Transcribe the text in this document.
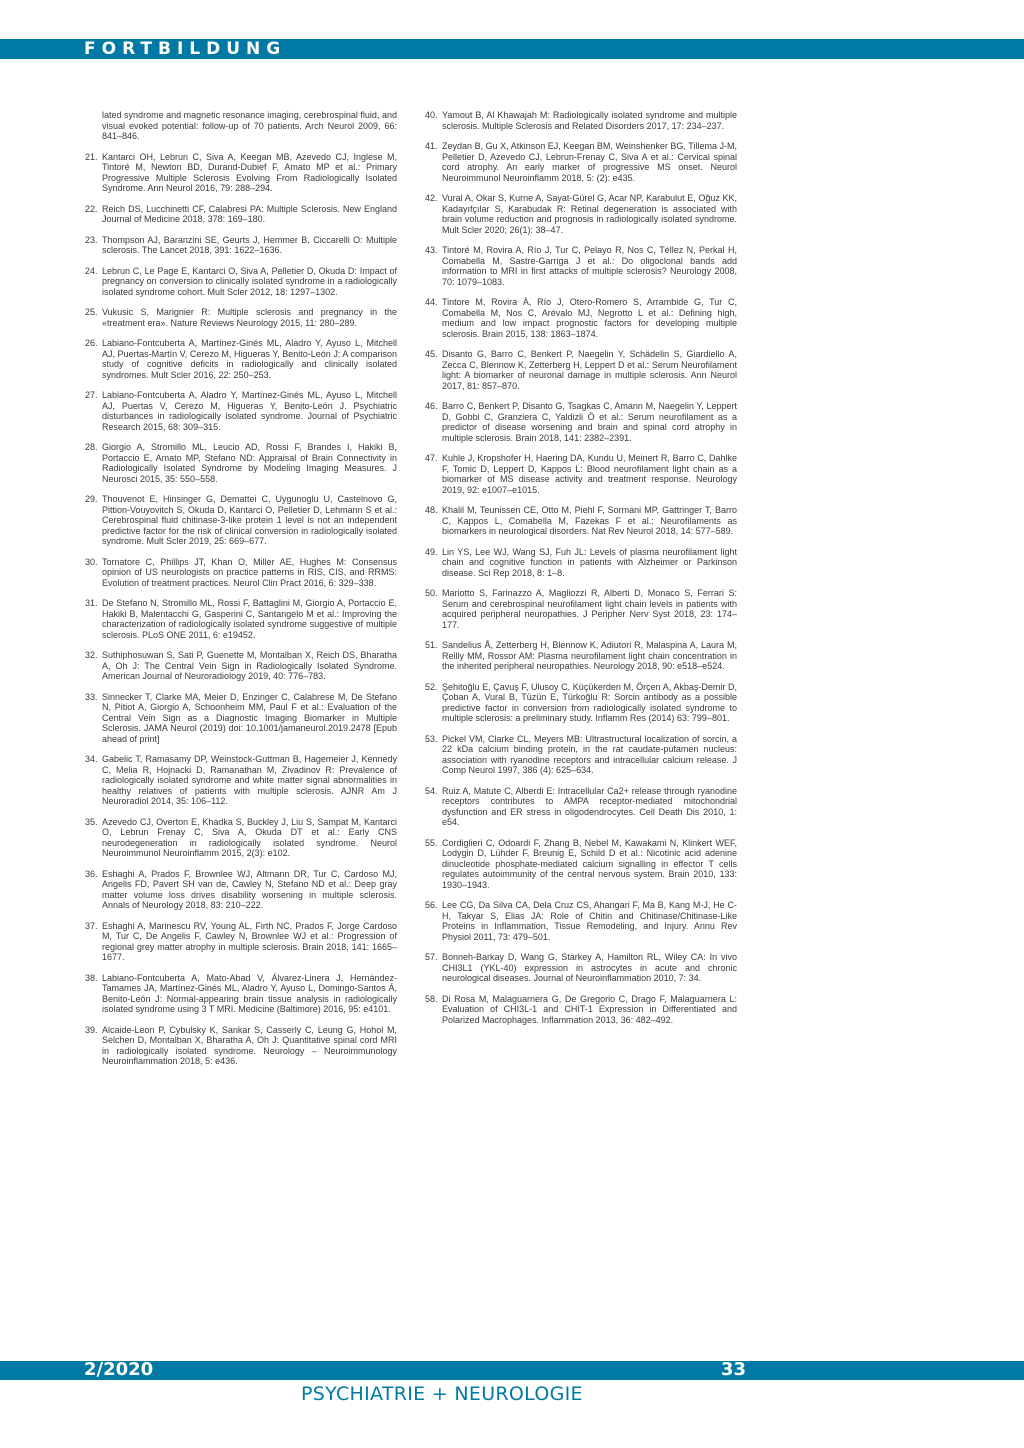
FORTBILDUNG
lated syndrome and magnetic resonance imaging, cerebrospinal fluid, and visual evoked potential: follow-up of 70 patients. Arch Neurol 2009, 66: 841–846.
21. Kantarci OH, Lebrun C, Siva A, Keegan MB, Azevedo CJ, Inglese M, Tintoré M, Newton BD, Durand-Dubief F, Amato MP et al.: Primary Progressive Multiple Sclerosis Evolving From Radiologically Isolated Syndrome. Ann Neurol 2016, 79: 288–294.
22. Reich DS, Lucchinetti CF, Calabresi PA: Multiple Sclerosis. New England Journal of Medicine 2018, 378: 169–180.
23. Thompson AJ, Baranzini SE, Geurts J, Hemmer B, Ciccarelli O: Multiple sclerosis. The Lancet 2018, 391: 1622–1636.
24. Lebrun C, Le Page E, Kantarci O, Siva A, Pelletier D, Okuda D: Impact of pregnancy on conversion to clinically isolated syndrome in a radiologically isolated syndrome cohort. Mult Scler 2012, 18: 1297–1302.
25. Vukusic S, Marignier R: Multiple sclerosis and pregnancy in the «treatment era». Nature Reviews Neurology 2015, 11: 280–289.
26. Labiano-Fontcuberta A, Martínez-Ginés ML, Aladro Y, Ayuso L, Mitchell AJ, Puertas-Martín V, Cerezo M, Higueras Y, Benito-León J: A comparison study of cognitive deficits in radiologically and clinically isolated syndromes. Mult Scler 2016, 22: 250–253.
27. Labiano-Fontcuberta A, Aladro Y, Martínez-Ginés ML, Ayuso L, Mitchell AJ, Puertas V, Cerezo M, Higueras Y, Benito-León J. Psychiatric disturbances in radiologically isolated syndrome. Journal of Psychiatric Research 2015, 68: 309–315.
28. Giorgio A, Stromillo ML, Leucio AD, Rossi F, Brandes I, Hakiki B, Portaccio E, Amato MP, Stefano ND: Appraisal of Brain Connectivity in Radiologically Isolated Syndrome by Modeling Imaging Measures. J Neurosci 2015, 35: 550–558.
29. Thouvenot E, Hinsinger G, Demattei C, Uygunoglu U, Castelnovo G, Pittion-Vouyovitch S, Okuda D, Kantarci O, Pelletier D, Lehmann S et al.: Cerebrospinal fluid chitinase-3-like protein 1 level is not an independent predictive factor for the risk of clinical conversion in radiologically isolated syndrome. Mult Scler 2019, 25: 669–677.
30. Tornatore C, Phillips JT, Khan O, Miller AE, Hughes M: Consensus opinion of US neurologists on practice patterns in RIS, CIS, and RRMS: Evolution of treatment practices. Neurol Clin Pract 2016, 6: 329–338.
31. De Stefano N, Stromillo ML, Rossi F, Battaglini M, Giorgio A, Portaccio E, Hakiki B, Malentacchi G, Gasperini C, Santangelo M et al.: Improving the characterization of radiologically isolated syndrome suggestive of multiple sclerosis. PLoS ONE 2011, 6: e19452.
32. Suthiphosuwan S, Sati P, Guenette M, Montalban X, Reich DS, Bharatha A, Oh J: The Central Vein Sign in Radiologically Isolated Syndrome. American Journal of Neuroradiology 2019, 40: 776–783.
33. Sinnecker T, Clarke MA, Meier D, Enzinger C, Calabrese M, De Stefano N, Pitiot A, Giorgio A, Schoonheim MM, Paul F et al.: Evaluation of the Central Vein Sign as a Diagnostic Imaging Biomarker in Multiple Sclerosis. JAMA Neurol (2019) doi: 10.1001/jamaneurol.2019.2478 [Epub ahead of print]
34. Gabelic T, Ramasamy DP, Weinstock-Guttman B, Hagemeier J, Kennedy C, Melia R, Hojnacki D, Ramanathan M, Zivadinov R: Prevalence of radiologically isolated syndrome and white matter signal abnormalities in healthy relatives of patients with multiple sclerosis. AJNR Am J Neuroradiol 2014, 35: 106–112.
35. Azevedo CJ, Overton E, Khadka S, Buckley J, Liu S, Sampat M, Kantarci O, Lebrun Frenay C, Siva A, Okuda DT et al.: Early CNS neurodegeneration in radiologically isolated syndrome. Neurol Neuroimmunol Neuroinflamm 2015, 2(3): e102.
36. Eshaghi A, Prados F, Brownlee WJ, Altmann DR, Tur C, Cardoso MJ, Angelis FD, Pavert SH van de, Cawley N, Stefano ND et al.: Deep gray matter volume loss drives disability worsening in multiple sclerosis. Annals of Neurology 2018, 83: 210–222.
37. Eshaghi A, Marinescu RV, Young AL, Firth NC, Prados F, Jorge Cardoso M, Tur C, De Angelis F, Cawley N, Brownlee WJ et al.: Progression of regional grey matter atrophy in multiple sclerosis. Brain 2018, 141: 1665–1677.
38. Labiano-Fontcuberta A, Mato-Abad V, Álvarez-Linera J, Hernández-Tamames JA, Martínez-Ginés ML, Aladro Y, Ayuso L, Domingo-Santos Á, Benito-León J: Normal-appearing brain tissue analysis in radiologically isolated syndrome using 3 T MRI. Medicine (Baltimore) 2016, 95: e4101.
39. Alcaide-Leon P, Cybulsky K, Sankar S, Casserly C, Leung G, Hohol M, Selchen D, Montalban X, Bharatha A, Oh J: Quantitative spinal cord MRI in radiologically isolated syndrome. Neurology – Neuroimmunology Neuroinflammation 2018, 5: e436.
40. Yamout B, Al Khawajah M: Radiologically isolated syndrome and multiple sclerosis. Multiple Sclerosis and Related Disorders 2017, 17: 234–237.
41. Zeydan B, Gu X, Atkinson EJ, Keegan BM, Weinshenker BG, Tillema J-M, Pelletier D, Azevedo CJ, Lebrun-Frenay C, Siva A et al.: Cervical spinal cord atrophy. An early marker of progressive MS onset. Neurol Neuroimmunol Neuroinflamm 2018, 5: (2): e435.
42. Vural A, Okar S, Kurne A, Sayat-Gürel G, Acar NP, Karabulut E, Oğuz KK, Kadayıfçılar S, Karabudak R: Retinal degeneration is associated with brain volume reduction and prognosis in radiologically isolated syndrome. Mult Scler 2020; 26(1): 38–47.
43. Tintoré M, Rovira A, Río J, Tur C, Pelayo R, Nos C, Téllez N, Perkal H, Comabella M, Sastre-Garriga J et al.: Do oligoclonal bands add information to MRI in first attacks of multiple sclerosis? Neurology 2008, 70: 1079–1083.
44. Tintore M, Rovira À, Río J, Otero-Romero S, Arrambide G, Tur C, Comabella M, Nos C, Arévalo MJ, Negrotto L et al.: Defining high, medium and low impact prognostic factors for developing multiple sclerosis. Brain 2015, 138: 1863–1874.
45. Disanto G, Barro C, Benkert P, Naegelin Y, Schädelin S, Giardiello A, Zecca C, Blennow K, Zetterberg H, Leppert D et al.: Serum Neurofilament light: A biomarker of neuronal damage in multiple sclerosis. Ann Neurol 2017, 81: 857–870.
46. Barro C, Benkert P, Disanto G, Tsagkas C, Amann M, Naegelin Y, Leppert D, Gobbi C, Granziera C, Yaldizli Ö et al.: Serum neurofilament as a predictor of disease worsening and brain and spinal cord atrophy in multiple sclerosis. Brain 2018, 141: 2382–2391.
47. Kuhle J, Kropshofer H, Haering DA, Kundu U, Meinert R, Barro C, Dahlke F, Tomic D, Leppert D, Kappos L: Blood neurofilament light chain as a biomarker of MS disease activity and treatment response. Neurology 2019, 92: e1007–e1015.
48. Khalil M, Teunissen CE, Otto M, Piehl F, Sormani MP, Gattringer T, Barro C, Kappos L, Comabella M, Fazekas F et al.: Neurofilaments as biomarkers in neurological disorders. Nat Rev Neurol 2018, 14: 577–589.
49. Lin YS, Lee WJ, Wang SJ, Fuh JL: Levels of plasma neurofilament light chain and cognitive function in patients with Alzheimer or Parkinson disease. Sci Rep 2018, 8: 1–8.
50. Mariotto S, Farinazzo A, Magliozzi R, Alberti D, Monaco S, Ferrari S: Serum and cerebrospinal neurofilament light chain levels in patients with acquired peripheral neuropathies. J Peripher Nerv Syst 2018, 23: 174–177.
51. Sandelius Å, Zetterberg H, Blennow K, Adiutori R, Malaspina A, Laura M, Reilly MM, Rossor AM: Plasma neurofilament light chain concentration in the inherited peripheral neuropathies. Neurology 2018, 90: e518–e524.
52. Şehitoğlu E, Çavuş F, Ulusoy C, Küçükerden M, Örçen A, Akbaş-Demir D, Çoban A, Vural B, Tüzün E, Türkoğlu R: Sorcin antibody as a possible predictive factor in conversion from radiologically isolated syndrome to multiple sclerosis: a preliminary study. Inflamm Res (2014) 63: 799–801.
53. Pickel VM, Clarke CL, Meyers MB: Ultrastructural localization of sorcin, a 22 kDa calcium binding protein, in the rat caudate-putamen nucleus: association with ryanodine receptors and intracellular calcium release. J Comp Neurol 1997, 386 (4): 625–634.
54. Ruiz A, Matute C, Alberdi E: Intracellular Ca2+ release through ryanodine receptors contributes to AMPA receptor-mediated mitochondrial dysfunction and ER stress in oligodendrocytes. Cell Death Dis 2010, 1: e54.
55. Cordiglieri C, Odoardi F, Zhang B, Nebel M, Kawakami N, Klinkert WEF, Lodygin D, Lühder F, Breunig E, Schild D et al.: Nicotinic acid adenine dinucleotide phosphate-mediated calcium signalling in effector T cells regulates autoimmunity of the central nervous system. Brain 2010, 133: 1930–1943.
56. Lee CG, Da Silva CA, Dela Cruz CS, Ahangari F, Ma B, Kang M-J, He C-H, Takyar S, Elias JA: Role of Chitin and Chitinase/Chitinase-Like Proteins in Inflammation, Tissue Remodeling, and Injury. Annu Rev Physiol 2011, 73: 479–501.
57. Bonneh-Barkay D, Wang G, Starkey A, Hamilton RL, Wiley CA: In vivo CHI3L1 (YKL-40) expression in astrocytes in acute and chronic neurological diseases. Journal of Neuroinflammation 2010, 7: 34.
58. Di Rosa M, Malaguarnera G, De Gregorio C, Drago F, Malaguarnera L: Evaluation of CHI3L-1 and CHIT-1 Expression in Differentiated and Polarized Macrophages. Inflammation 2013, 36: 482–492.

2/2020	33

PSYCHIATRIE + NEUROLOGIE
